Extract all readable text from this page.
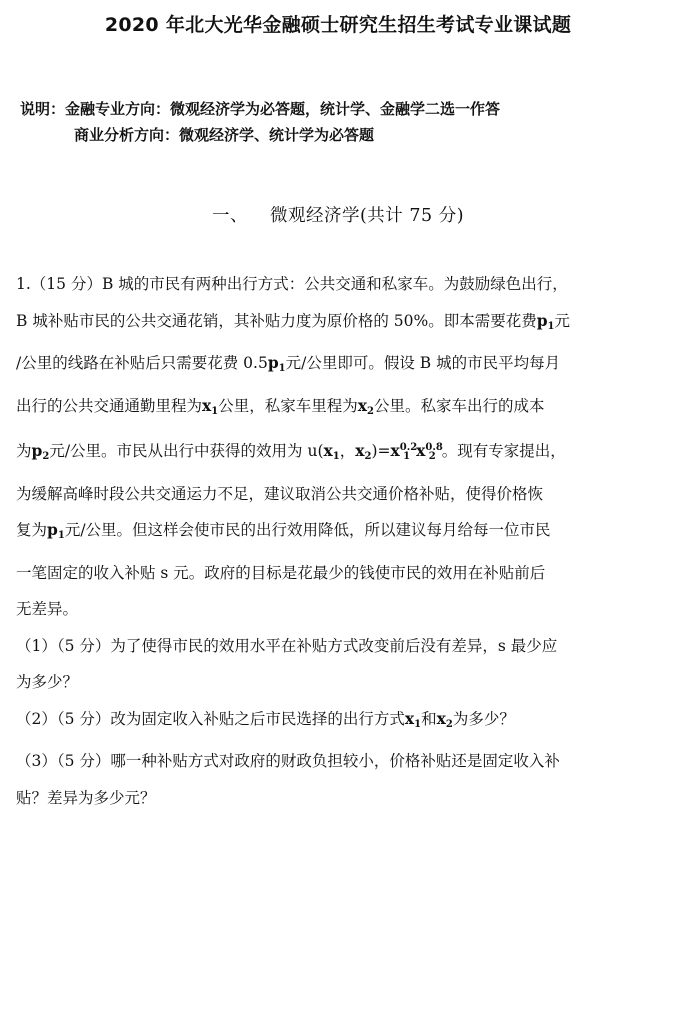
2020 年北大光华金融硕士研究生招生考试专业课试题
说明：金融专业方向：微观经济学为必答题，统计学、金融学二选一作答
商业分析方向：微观经济学、统计学为必答题
一、 微观经济学(共计 75 分)

1.（15 分）B 城的市民有两种出行方式：公共交通和私家车。为鼓励绿色出行，
B 城补贴市民的公共交通花销，其补贴力度为原价格的 50%。即本需要花费$p_1$元
/公里的线路在补贴后只需要花费 $0.5p_1$元/公里即可。假设 B 城的市民平均每月
出行的公共交通通勤里程为$x_1$公里，私家车里程为$x_2$公里。私家车出行的成本
为$p_2$元/公里。市民从出行中获得的效用为 $u(x_1$，$x_2)=x^{0.2}_1$ $x^{0.8}_2$ 。现有专家提出，
为缓解高峰时段公共交通运力不足，建议取消公共交通价格补贴，使得价格恢
复为$p_1$元/公里。但这样会使市民的出行效用降低，所以建议每月给每一位市民
一笔固定的收入补贴 s 元。政府的目标是花最少的钱使市民的效用在补贴前后
无差异。

（1）（5 分）为了使得市民的效用水平在补贴方式改变前后没有差异，s 最少应
为多少？

（2）（5 分）改为固定收入补贴之后市民选择的出行方式$x_1$和$x_2$为多少？

（3）（5 分）哪一种补贴方式对政府的财政负担较小，价格补贴还是固定收入补
贴？差异为多少元？
